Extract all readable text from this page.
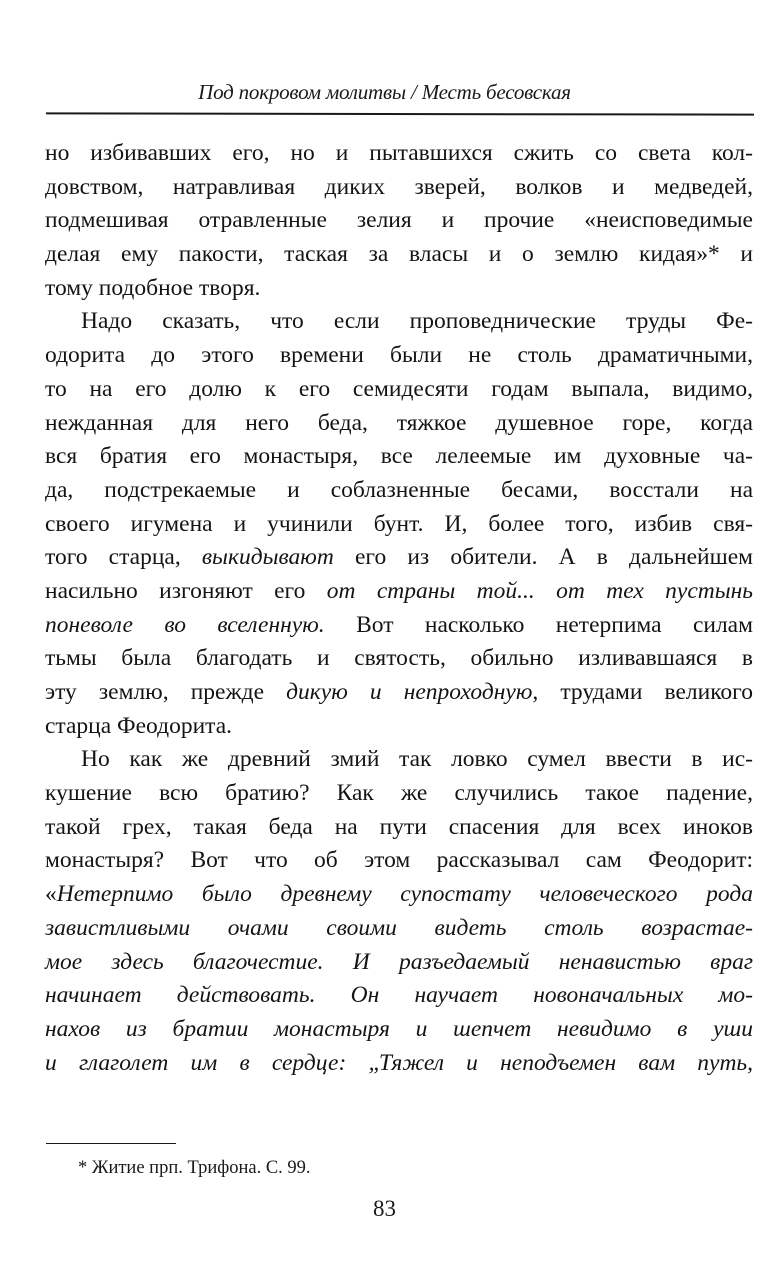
Под покровом молитвы / Месть бесовская
но избивавших его, но и пытавшихся сжить со света кол-
довством, натравливая диких зверей, волков и медведей,
подмешивая отравленные зелия и прочие «неисповедимые
делая ему пакости, таская за власы и о землю кидая»* и
тому подобное творя.
Надо сказать, что если проповеднические труды Фе-
одорита до этого времени были не столь драматичными,
то на его долю к его семидесяти годам выпала, видимо,
нежданная для него беда, тяжкое душевное горе, когда
вся братия его монастыря, все лелеемые им духовные ча-
да, подстрекаемые и соблазненные бесами, восстали на
своего игумена и учинили бунт. И, более того, избив свя-
того старца, выкидывают его из обители. А в дальнейшем
насильно изгоняют его от страны той... от тех пустынь
поневоле во вселенную. Вот насколько нетерпима силам
тьмы была благодать и святость, обильно изливавшаяся в
эту землю, прежде дикую и непроходную, трудами великого
старца Феодорита.
Но как же древний змий так ловко сумел ввести в ис-
кушение всю братию? Как же случились такое падение,
такой грех, такая беда на пути спасения для всех иноков
монастыря? Вот что об этом рассказывал сам Феодорит:
«Нетерпимо было древнему супостату человеческого рода
завистливыми очами своими видеть столь возрастае-
мое здесь благочестие. И разъедаемый ненавистью враг
начинает действовать. Он научает новоначальных мо-
нахов из братии монастыря и шепчет невидимо в уши
и глаголет им в сердце: „Тяжел и неподъемен вам путь,
* Житие прп. Трифона. С. 99.
83
